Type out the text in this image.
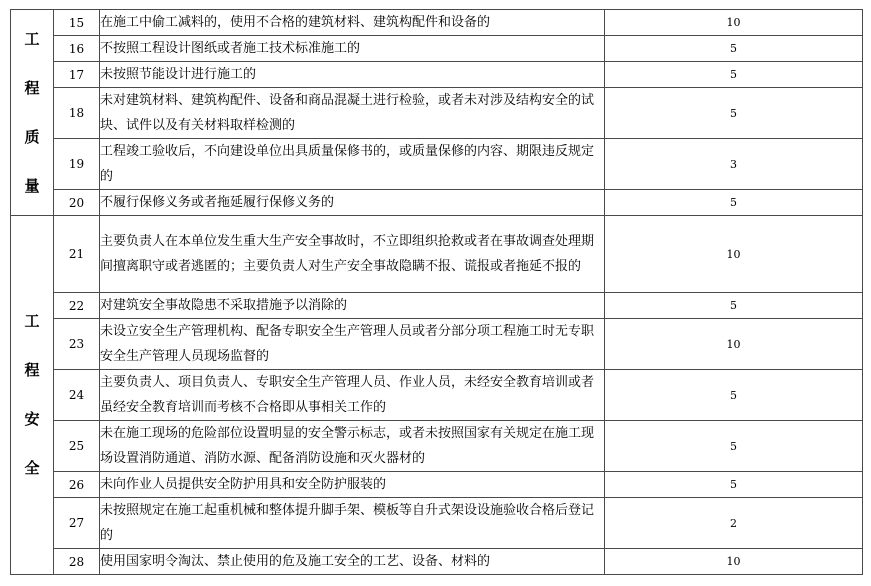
工
程
质
量	15	在施工中偷工减料的，使用不合格的建筑材料、建筑构配件和设备的	10
	16	不按照工程设计图纸或者施工技术标准施工的	5
	17	未按照节能设计进行施工的	5
	18	未对建筑材料、建筑构配件、设备和商品混凝土进行检验，或者未对涉及结构安全的试块、试件以及有关材料取样检测的	5
	19	工程竣工验收后，不向建设单位出具质量保修书的，或质量保修的内容、期限违反规定的	3
	20	不履行保修义务或者拖延履行保修义务的	5

工
程
安
全	21	主要负责人在本单位发生重大生产安全事故时，不立即组织抢救或者在事故调查处理期间擅离职守或者逃匿的；主要负责人对生产安全事故隐瞒不报、谎报或者拖延不报的	10
	22	对建筑安全事故隐患不采取措施予以消除的	5
	23	未设立安全生产管理机构、配备专职安全生产管理人员或者分部分项工程施工时无专职安全生产管理人员现场监督的	10
	24	主要负责人、项目负责人、专职安全生产管理人员、作业人员，未经安全教育培训或者虽经安全教育培训而考核不合格即从事相关工作的	5
	25	未在施工现场的危险部位设置明显的安全警示标志，或者未按照国家有关规定在施工现场设置消防通道、消防水源、配备消防设施和灭火器材的	5
	26	未向作业人员提供安全防护用具和安全防护服装的	5
	27	未按照规定在施工起重机械和整体提升脚手架、模板等自升式架设设施验收合格后登记的	2
	28	使用国家明令淘汰、禁止使用的危及施工安全的工艺、设备、材料的	10
